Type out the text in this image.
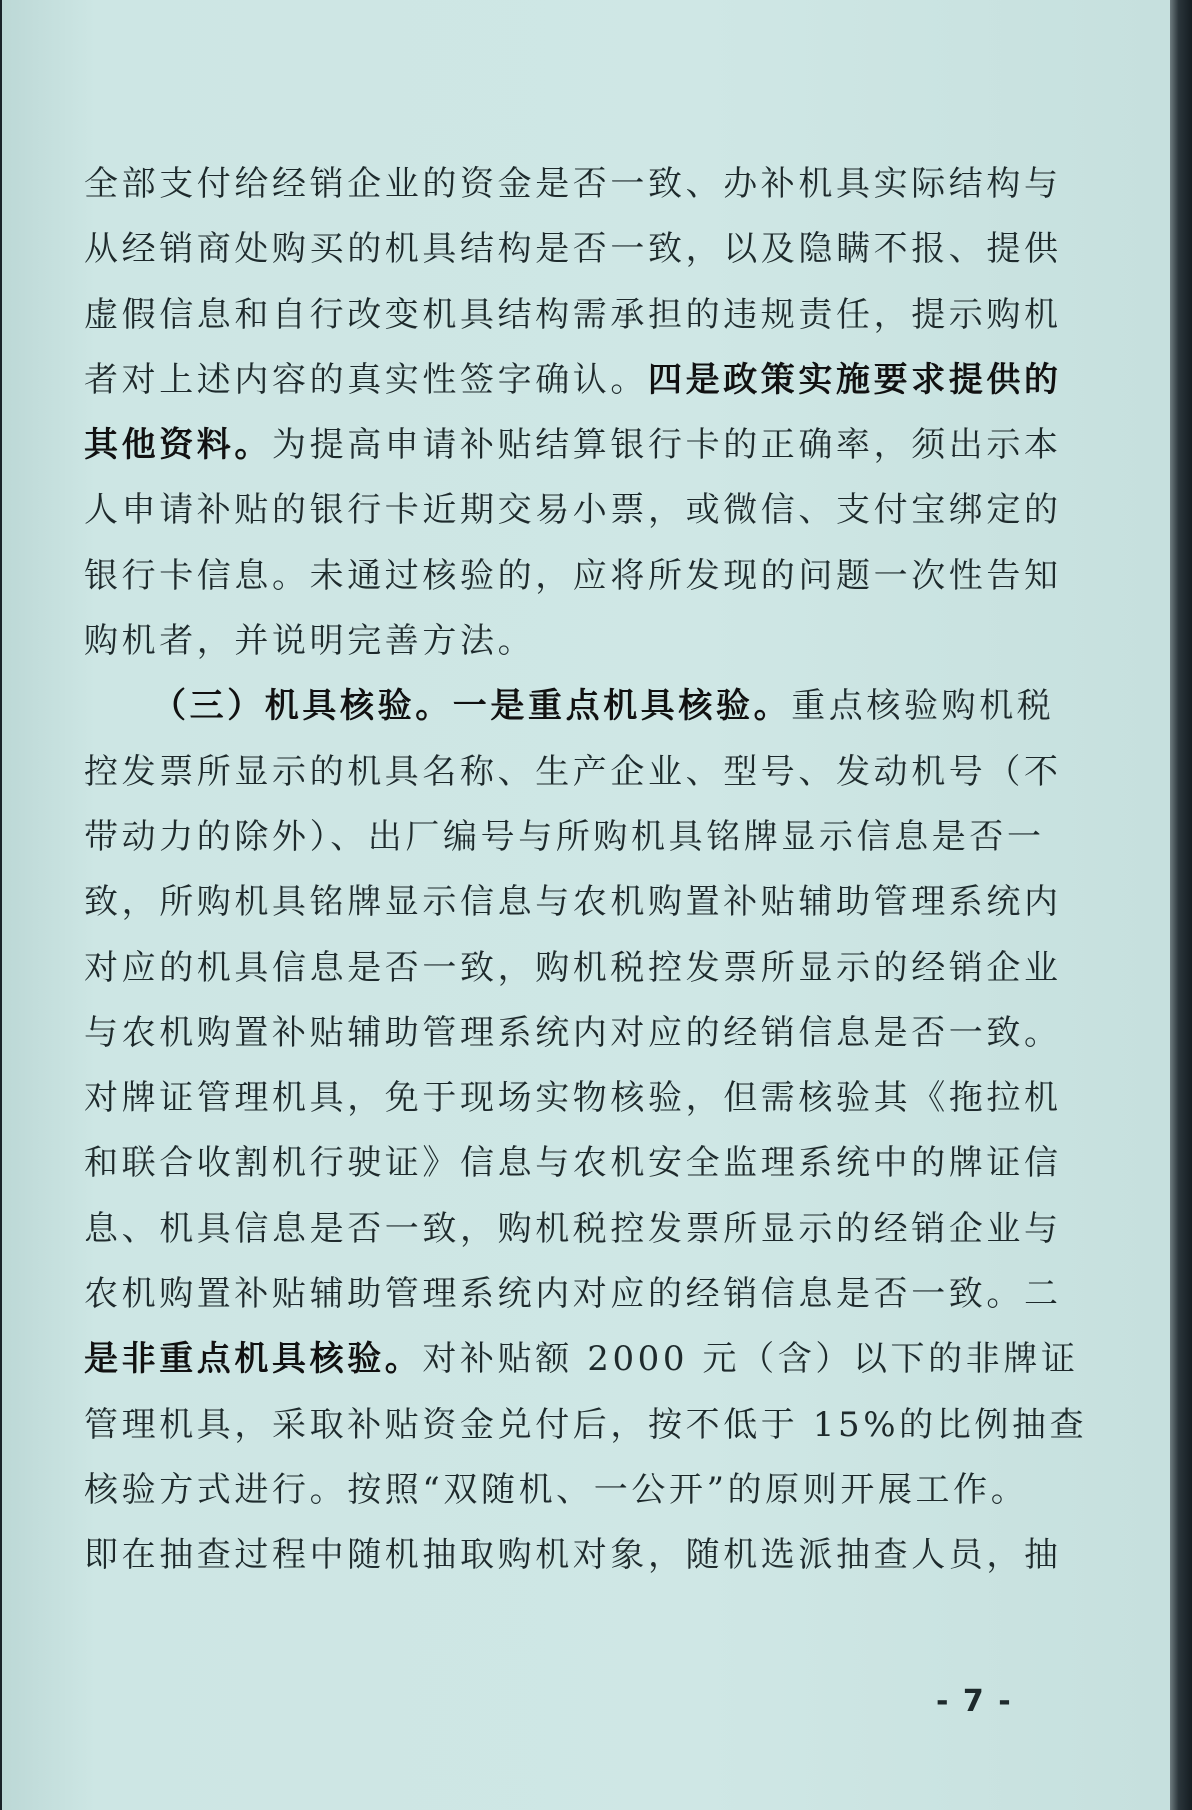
全部支付给经销企业的资金是否一致、办补机具实际结构与
从经销商处购买的机具结构是否一致，以及隐瞒不报、提供
虚假信息和自行改变机具结构需承担的违规责任，提示购机
者对上述内容的真实性签字确认。四是政策实施要求提供的
其他资料。为提高申请补贴结算银行卡的正确率，须出示本
人申请补贴的银行卡近期交易小票，或微信、支付宝绑定的
银行卡信息。未通过核验的，应将所发现的问题一次性告知
购机者，并说明完善方法。
（三）机具核验。一是重点机具核验。重点核验购机税
控发票所显示的机具名称、生产企业、型号、发动机号（不
带动力的除外）、出厂编号与所购机具铭牌显示信息是否一
致，所购机具铭牌显示信息与农机购置补贴辅助管理系统内
对应的机具信息是否一致，购机税控发票所显示的经销企业
与农机购置补贴辅助管理系统内对应的经销信息是否一致。
对牌证管理机具，免于现场实物核验，但需核验其《拖拉机
和联合收割机行驶证》信息与农机安全监理系统中的牌证信
息、机具信息是否一致，购机税控发票所显示的经销企业与
农机购置补贴辅助管理系统内对应的经销信息是否一致。二
是非重点机具核验。对补贴额 2000 元（含）以下的非牌证
管理机具，采取补贴资金兑付后，按不低于 15%的比例抽查
核验方式进行。按照“双随机、一公开”的原则开展工作。
即在抽查过程中随机抽取购机对象，随机选派抽查人员，抽
- 7 -
